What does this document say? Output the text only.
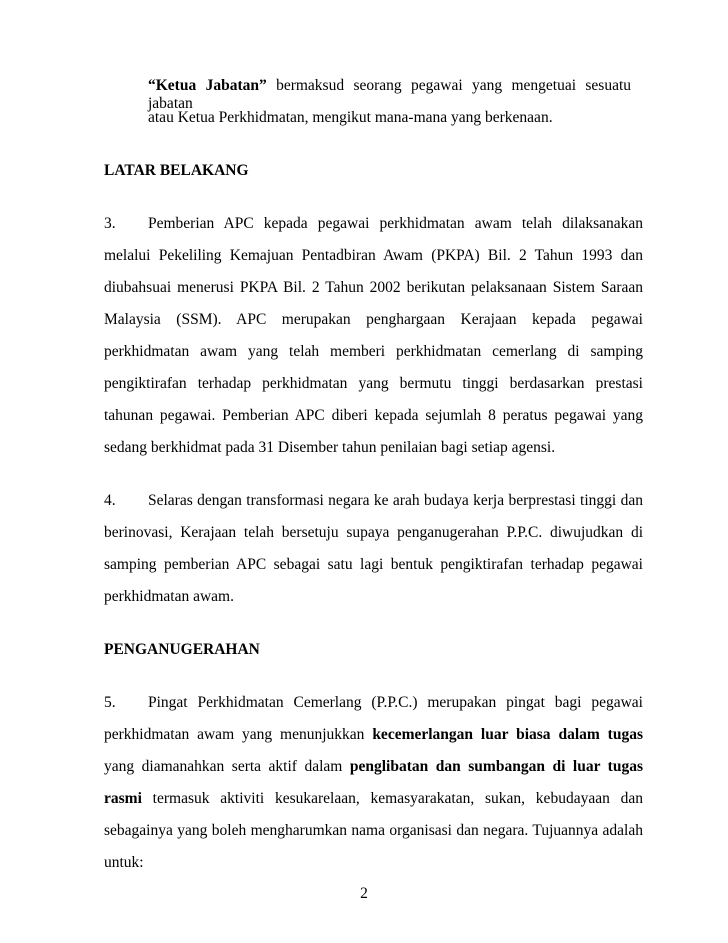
“Ketua Jabatan” bermaksud seorang pegawai yang mengetuai sesuatu jabatan
atau Ketua Perkhidmatan, mengikut mana-mana yang berkenaan.
LATAR BELAKANG
3. Pemberian APC kepada pegawai perkhidmatan awam telah dilaksanakan
melalui Pekeliling Kemajuan Pentadbiran Awam (PKPA) Bil. 2 Tahun 1993 dan
diubahsuai menerusi PKPA Bil. 2 Tahun 2002 berikutan pelaksanaan Sistem Saraan
Malaysia (SSM). APC merupakan penghargaan Kerajaan kepada pegawai
perkhidmatan awam yang telah memberi perkhidmatan cemerlang di samping
pengiktirafan terhadap perkhidmatan yang bermutu tinggi berdasarkan prestasi
tahunan pegawai. Pemberian APC diberi kepada sejumlah 8 peratus pegawai yang
sedang berkhidmat pada 31 Disember tahun penilaian bagi setiap agensi.
4. Selaras dengan transformasi negara ke arah budaya kerja berprestasi tinggi dan
berinovasi, Kerajaan telah bersetuju supaya penganugerahan P.P.C. diwujudkan di
samping pemberian APC sebagai satu lagi bentuk pengiktirafan terhadap pegawai
perkhidmatan awam.
PENGANUGERAHAN
5. Pingat Perkhidmatan Cemerlang (P.P.C.) merupakan pingat bagi pegawai
perkhidmatan awam yang menunjukkan kecemerlangan luar biasa dalam tugas
yang diamanahkan serta aktif dalam penglibatan dan sumbangan di luar tugas
rasmi termasuk aktiviti kesukarelaan, kemasyarakatan, sukan, kebudayaan dan
sebagainya yang boleh mengharumkan nama organisasi dan negara. Tujuannya adalah
untuk:
2
